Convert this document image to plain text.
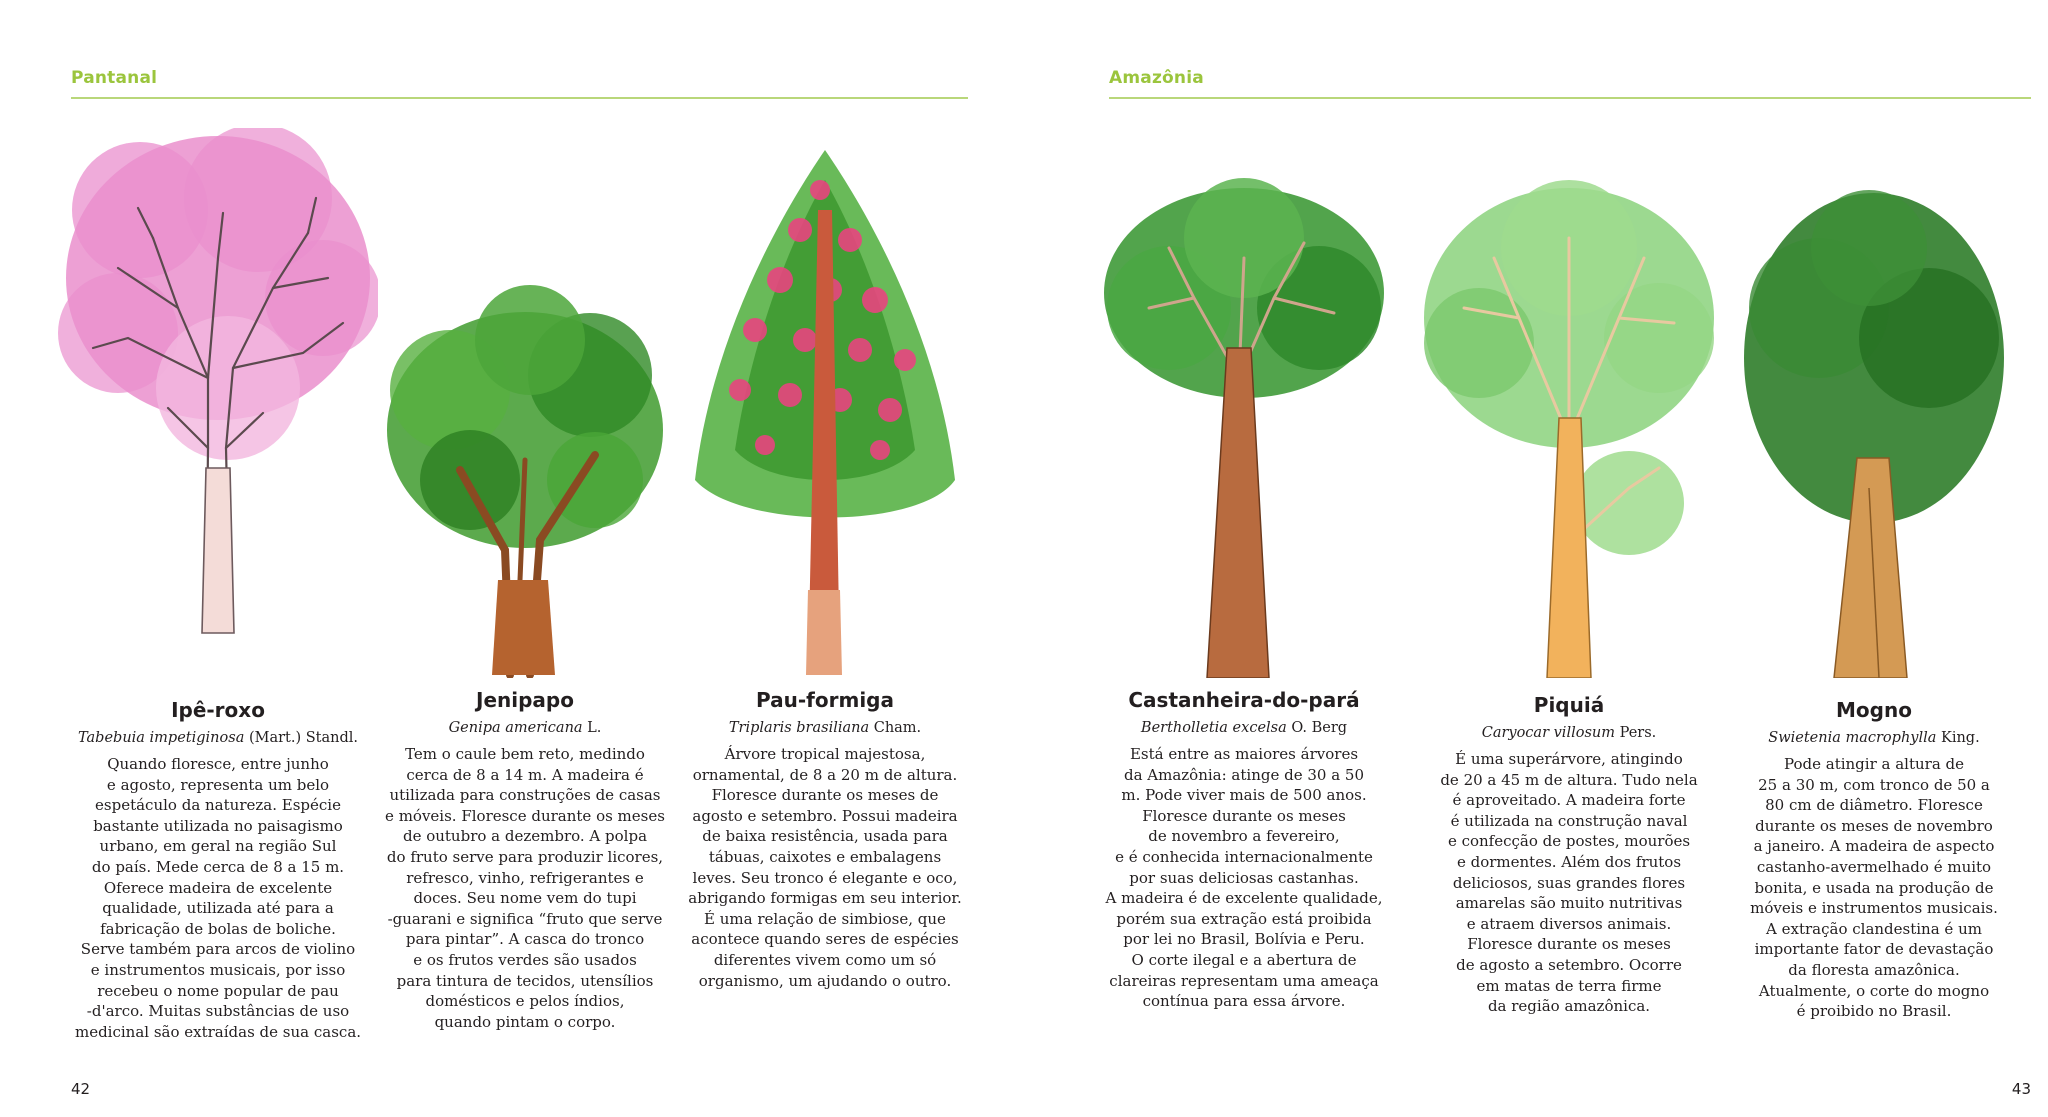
Pantanal
Ipê-roxo
Tabebuia impetiginosa (Mart.) Standl.
Quando floresce, entre junho
e agosto, representa um belo
espetáculo da natureza. Espécie
bastante utilizada no paisagismo
urbano, em geral na região Sul
do país. Mede cerca de 8 a 15 m.
Oferece madeira de excelente
qualidade, utilizada até para a
fabricação de bolas de boliche.
Serve também para arcos de violino
e instrumentos musicais, por isso
recebeu o nome popular de pau
-d'arco. Muitas substâncias de uso
medicinal são extraídas de sua casca.
Jenipapo
Genipa americana L.
Tem o caule bem reto, medindo
cerca de 8 a 14 m. A madeira é
utilizada para construções de casas
e móveis. Floresce durante os meses
de outubro a dezembro. A polpa
do fruto serve para produzir licores,
refresco, vinho, refrigerantes e
doces. Seu nome vem do tupi
-guarani e significa “fruto que serve
para pintar”. A casca do tronco
e os frutos verdes são usados
para tintura de tecidos, utensílios
domésticos e pelos índios,
quando pintam o corpo.
Pau-formiga
Triplaris brasiliana Cham.
Árvore tropical majestosa,
ornamental, de 8 a 20 m de altura.
Floresce durante os meses de
agosto e setembro. Possui madeira
de baixa resistência, usada para
tábuas, caixotes e embalagens
leves. Seu tronco é elegante e oco,
abrigando formigas em seu interior.
É uma relação de simbiose, que
acontece quando seres de espécies
diferentes vivem como um só
organismo, um ajudando o outro.
42
Amazônia
Castanheira-do-pará
Bertholletia excelsa O. Berg
Está entre as maiores árvores
da Amazônia: atinge de 30 a 50
m. Pode viver mais de 500 anos.
Floresce durante os meses
de novembro a fevereiro,
e é conhecida internacionalmente
por suas deliciosas castanhas.
A madeira é de excelente qualidade,
porém sua extração está proibida
por lei no Brasil, Bolívia e Peru.
O corte ilegal e a abertura de
clareiras representam uma ameaça
contínua para essa árvore.
Piquiá
Caryocar villosum Pers.
É uma superárvore, atingindo
de 20 a 45 m de altura. Tudo nela
é aproveitado. A madeira forte
é utilizada na construção naval
e confecção de postes, mourões
e dormentes. Além dos frutos
deliciosos, suas grandes flores
amarelas são muito nutritivas
e atraem diversos animais.
Floresce durante os meses
de agosto a setembro. Ocorre
em matas de terra firme
da região amazônica.
Mogno
Swietenia macrophylla King.
Pode atingir a altura de
25 a 30 m, com tronco de 50 a
80 cm de diâmetro. Floresce
durante os meses de novembro
a janeiro. A madeira de aspecto
castanho-avermelhado é muito
bonita, e usada na produção de
móveis e instrumentos musicais.
A extração clandestina é um
importante fator de devastação
da floresta amazônica.
Atualmente, o corte do mogno
é proibido no Brasil.
43
